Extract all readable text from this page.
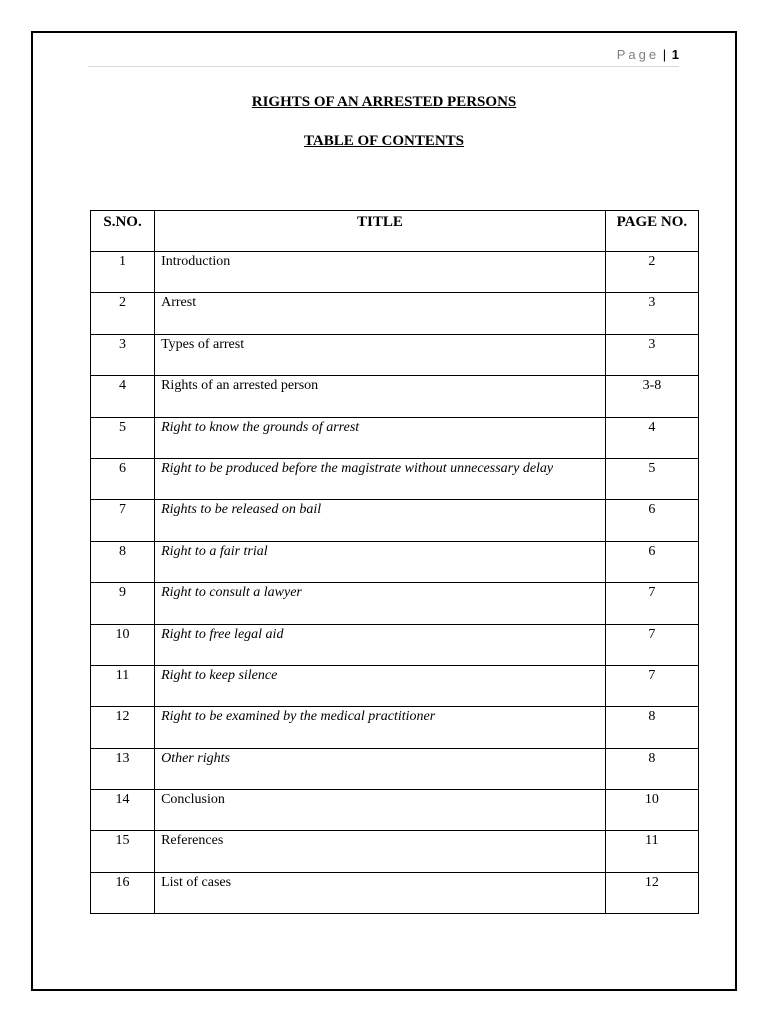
Page | 1
RIGHTS OF AN ARRESTED PERSONS
TABLE OF CONTENTS
S.NO.	TITLE	PAGE NO.
1	Introduction	2
2	Arrest	3
3	Types of arrest	3
4	Rights of an arrested person	3-8
5	Right to know the grounds of arrest	4
6	Right to be produced before the magistrate without unnecessary delay	5
7	Rights to be released on bail	6
8	Right to a fair trial	6
9	Right to consult a lawyer	7
10	Right to free legal aid	7
11	Right to keep silence	7
12	Right to be examined by the medical practitioner	8
13	Other rights	8
14	Conclusion	10
15	References	11
16	List of cases	12
